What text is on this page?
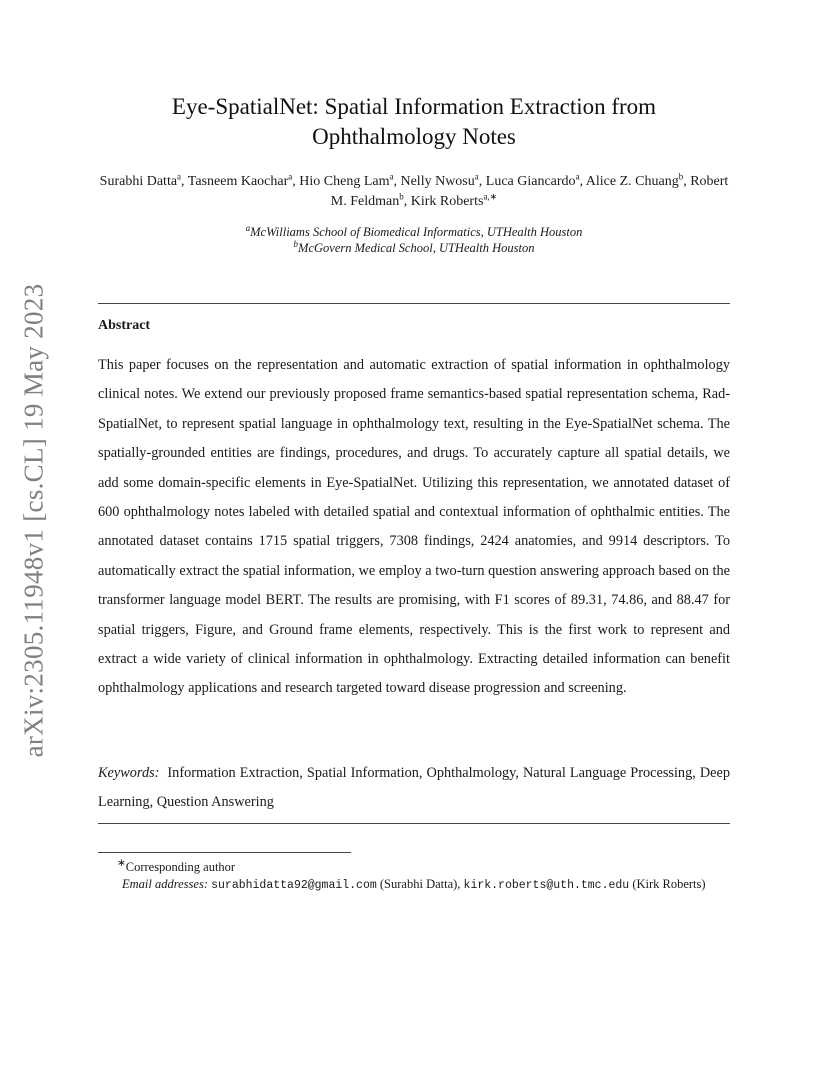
arXiv:2305.11948v1 [cs.CL] 19 May 2023
Eye-SpatialNet: Spatial Information Extraction from Ophthalmology Notes

Surabhi Datta$^a$, Tasneem Kaochar$^a$, Hio Cheng Lam$^a$, Nelly Nwosu$^a$, Luca Giancardo$^a$, Alice Z. Chuang$^b$, Robert M. Feldman$^b$, Kirk Roberts$^{a,∗}$

$^a$McWilliams School of Biomedical Informatics, UTHealth Houston
$^b$McGovern Medical School, UTHealth Houston
Abstract

This paper focuses on the representation and automatic extraction of spatial information in ophthalmology clinical notes. We extend our previously proposed frame semantics-based spatial representation schema, Rad-SpatialNet, to represent spatial language in ophthalmology text, resulting in the Eye-SpatialNet schema. The spatially-grounded entities are findings, procedures, and drugs. To accurately capture all spatial details, we add some domain-specific elements in Eye-SpatialNet. Utilizing this representation, we annotated dataset of 600 ophthalmology notes labeled with detailed spatial and contextual information of ophthalmic entities. The annotated dataset contains 1715 spatial triggers, 7308 findings, 2424 anatomies, and 9914 descriptors. To automatically extract the spatial information, we employ a two-turn question answering approach based on the transformer language model BERT. The results are promising, with F1 scores of 89.31, 74.86, and 88.47 for spatial triggers, Figure, and Ground frame elements, respectively. This is the first work to represent and extract a wide variety of clinical information in ophthalmology. Extracting detailed information can benefit ophthalmology applications and research targeted toward disease progression and screening.

Keywords: Information Extraction, Spatial Information, Ophthalmology, Natural Language Processing, Deep Learning, Question Answering

∗Corresponding author

Email addresses: surabhidatta92@gmail.com (Surabhi Datta), kirk.roberts@uth.tmc.edu (Kirk Roberts)
